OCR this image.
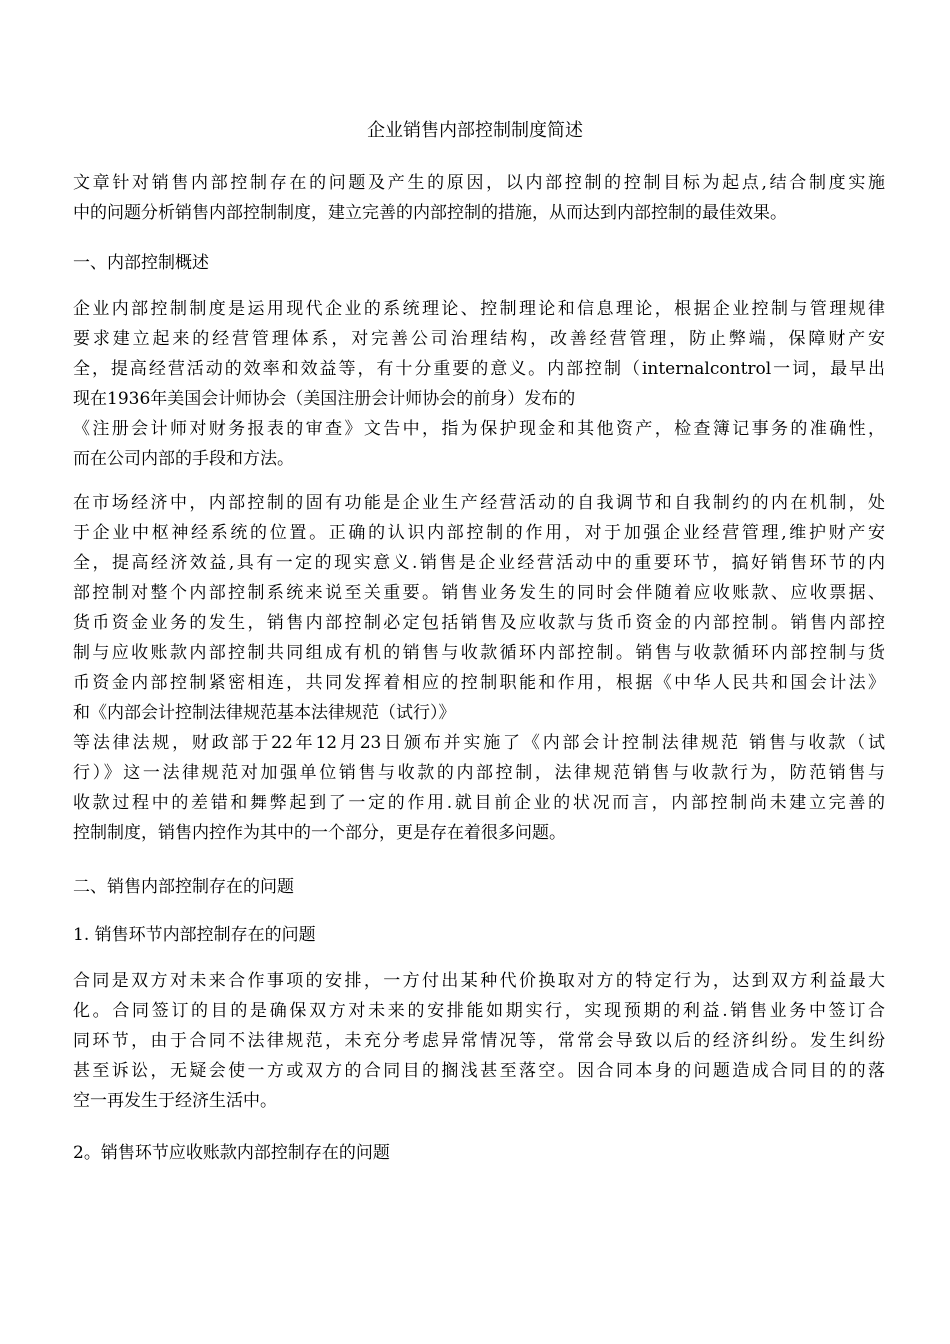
企业销售内部控制制度简述
文章针对销售内部控制存在的问题及产生的原因，以内部控制的控制目标为起点,结合制度实施
中的问题分析销售内部控制制度，建立完善的内部控制的措施，从而达到内部控制的最佳效果。
一、内部控制概述
企业内部控制制度是运用现代企业的系统理论、控制理论和信息理论，根据企业控制与管理规律
要求建立起来的经营管理体系，对完善公司治理结构，改善经营管理，防止弊端，保障财产安
全，提高经营活动的效率和效益等，有十分重要的意义。内部控制（internalcontrol一词，最早出
现在1936年美国会计师协会（美国注册会计师协会的前身）发布的
《注册会计师对财务报表的审查》文告中，指为保护现金和其他资产，检查簿记事务的准确性，
而在公司内部的手段和方法。
在市场经济中，内部控制的固有功能是企业生产经营活动的自我调节和自我制约的内在机制，处
于企业中枢神经系统的位置。正确的认识内部控制的作用，对于加强企业经营管理,维护财产安
全，提高经济效益,具有一定的现实意义.销售是企业经营活动中的重要环节，搞好销售环节的内
部控制对整个内部控制系统来说至关重要。销售业务发生的同时会伴随着应收账款、应收票据、
货币资金业务的发生，销售内部控制必定包括销售及应收款与货币资金的内部控制。销售内部控
制与应收账款内部控制共同组成有机的销售与收款循环内部控制。销售与收款循环内部控制与货
币资金内部控制紧密相连，共同发挥着相应的控制职能和作用，根据《中华人民共和国会计法》
和《内部会计控制法律规范基本法律规范（试行）》
等法律法规，财政部于22年12月23日颁布并实施了《内部会计控制法律规范 销售与收款（试
行）》这一法律规范对加强单位销售与收款的内部控制，法律规范销售与收款行为，防范销售与
收款过程中的差错和舞弊起到了一定的作用.就目前企业的状况而言，内部控制尚未建立完善的
控制制度，销售内控作为其中的一个部分，更是存在着很多问题。
二、销售内部控制存在的问题
1. 销售环节内部控制存在的问题
合同是双方对未来合作事项的安排，一方付出某种代价换取对方的特定行为，达到双方利益最大
化。合同签订的目的是确保双方对未来的安排能如期实行，实现预期的利益.销售业务中签订合
同环节，由于合同不法律规范，未充分考虑异常情况等，常常会导致以后的经济纠纷。发生纠纷
甚至诉讼，无疑会使一方或双方的合同目的搁浅甚至落空。因合同本身的问题造成合同目的的落
空一再发生于经济生活中。
2。销售环节应收账款内部控制存在的问题
